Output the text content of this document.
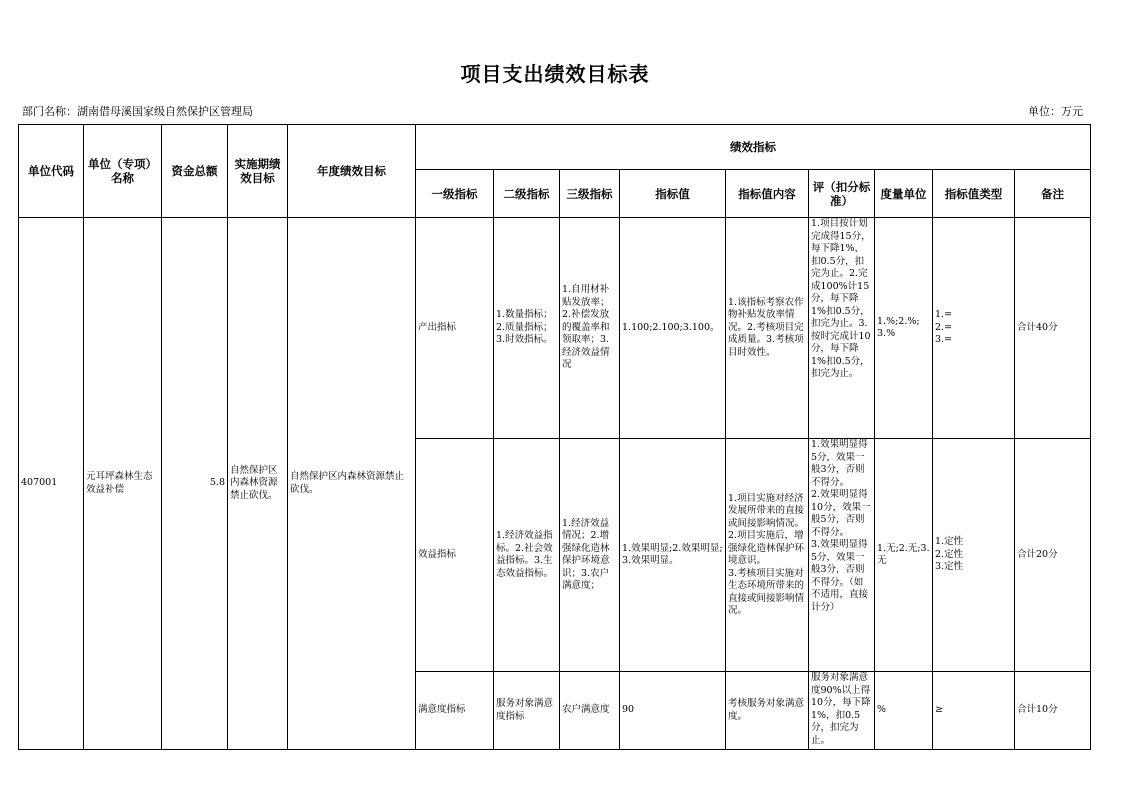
项目支出绩效目标表
部门名称：湖南借母溪国家级自然保护区管理局	单位：万元
单位代码	单位（专项）名称	资金总额	实施期绩效目标	年度绩效目标	绩效指标								
					一级指标	二级指标	三级指标	指标值	指标值内容	评（扣分标准）	度量单位	指标值类型	备注
407001	元耳坪森林生态效益补偿	5.8	自然保护区内森林资源禁止砍伐。	自然保护区内森林资源禁止砍伐。	产出指标	1.数量指标；2.质量指标；3.时效指标。	1.自用材补贴发放率；2.补偿发放的覆盖率和领取率；3.经济效益情况	1.100;2.100;3.100。	1.该指标考察农作物补贴发放率情况。2.考核项目完成质量。3.考核项目时效性。	1.项目按计划完成得15分，每下降1%，扣0.5分，扣完为止。2.完成100%计15分，每下降1%扣0.5分，扣完为止。3.按时完成计10分，每下降1%扣0.5分，扣完为止。	1.%;2.%;3.%	1.=
2.=
3.=	合计40分
					效益指标	1.经济效益指标。2.社会效益指标。3.生态效益指标。	1.经济效益情况；2.增强绿化造林保护环境意识；3.农户满意度；	1.效果明显;2.效果明显;3.效果明显。	1.项目实施对经济发展所带来的直接或间接影响情况。2.项目实施后，增强绿化造林保护环境意识。
3.考核项目实施对生态环境所带来的直接或间接影响情况。	1.效果明显得5分，效果一般3分，否则不得分。
2.效果明显得10分，效果一般5分，否则不得分。
3.效果明显得5分，效果一般3分，否则不得分。（如不适用，直接计分）	1.无;2.无;3.无	1.定性
2.定性
3.定性	合计20分
					满意度指标	服务对象满意度指标	农户满意度	90	考核服务对象满意度。	服务对象满意度90%以上得10分，每下降1%，扣0.5分，扣完为止。	%	≥	合计10分
